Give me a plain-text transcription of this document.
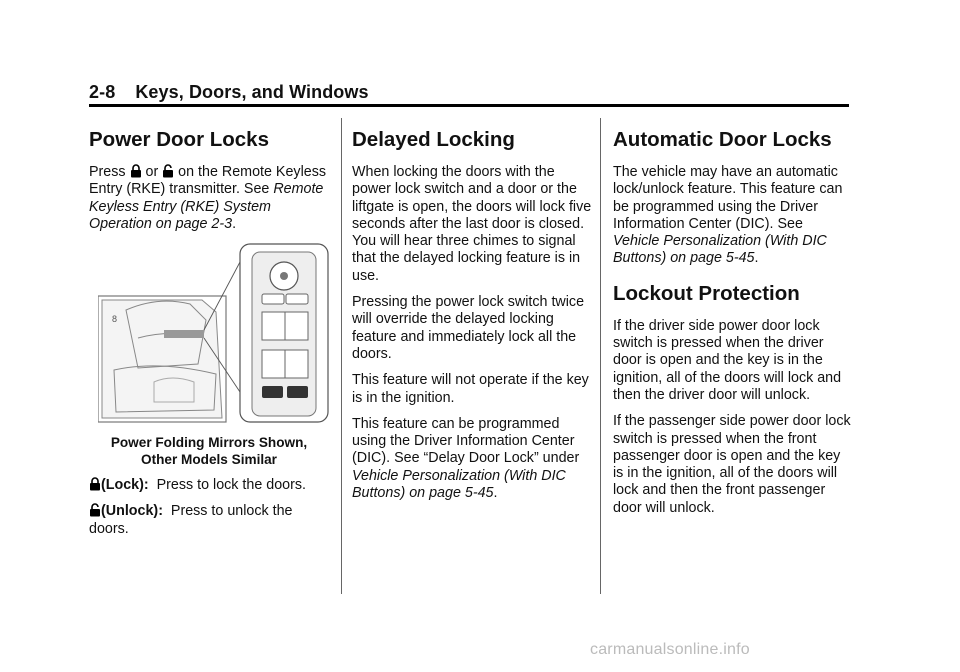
2-8 Keys, Doors, and Windows
Power Door Locks

Press  or  on the Remote Keyless Entry (RKE) transmitter. See Remote Keyless Entry (RKE) System Operation on page 2-3.

8
Power Folding Mirrors Shown,
Other Models Similar

(Lock): Press to lock the doors.

(Unlock): Press to unlock the doors.

Delayed Locking

When locking the doors with the power lock switch and a door or the liftgate is open, the doors will lock five seconds after the last door is closed. You will hear three chimes to signal that the delayed locking feature is in use.

Pressing the power lock switch twice will override the delayed locking feature and immediately lock all the doors.

This feature will not operate if the key is in the ignition.

This feature can be programmed using the Driver Information Center (DIC). See “Delay Door Lock” under Vehicle Personalization (With DIC Buttons) on page 5-45.

Automatic Door Locks

The vehicle may have an automatic lock/unlock feature. This feature can be programmed using the Driver Information Center (DIC). See Vehicle Personalization (With DIC Buttons) on page 5-45.

Lockout Protection

If the driver side power door lock switch is pressed when the driver door is open and the key is in the ignition, all of the doors will lock and then the driver door will unlock.

If the passenger side power door lock switch is pressed when the front passenger door is open and the key is in the ignition, all of the doors will lock and then the front passenger door will unlock.

carmanualsonline.info
